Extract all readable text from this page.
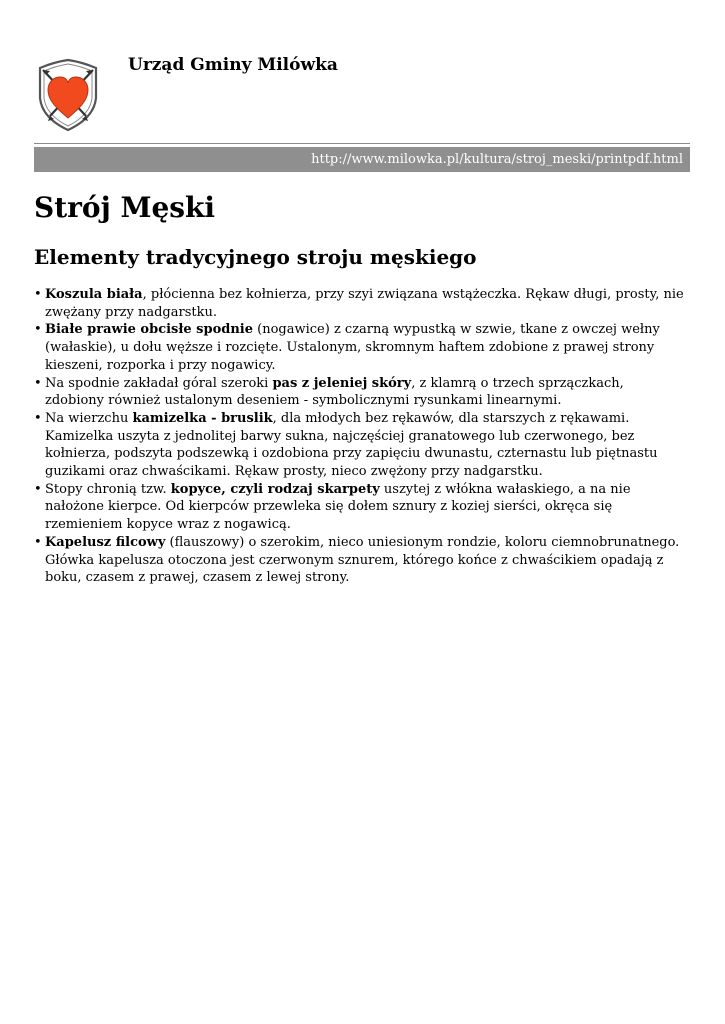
Urząd Gminy Milówka
http://www.milowka.pl/kultura/stroj_meski/printpdf.html
Strój Męski
Elementy tradycyjnego stroju męskiego
• Koszula biała, płócienna bez kołnierza, przy szyi związana wstążeczka. Rękaw długi, prosty, nie zwężany przy nadgarstku.
• Białe prawie obcisłe spodnie (nogawice) z czarną wypustką w szwie, tkane z owczej wełny (wałaskie), u dołu węższe i rozcięte. Ustalonym, skromnym haftem zdobione z prawej strony kieszeni, rozporka i przy nogawicy.
• Na spodnie zakładał góral szeroki pas z jeleniej skóry, z klamrą o trzech sprzączkach, zdobiony również ustalonym deseniem - symbolicznymi rysunkami linearnymi.
• Na wierzchu kamizelka - bruslik, dla młodych bez rękawów, dla starszych z rękawami. Kamizelka uszyta z jednolitej barwy sukna, najczęściej granatowego lub czerwonego, bez kołnierza, podszyta podszewką i ozdobiona przy zapięciu dwunastu, czternastu lub piętnastu guzikami oraz chwaścikami. Rękaw prosty, nieco zwężony przy nadgarstku.
• Stopy chronią tzw. kopyce, czyli rodzaj skarpety uszytej z włókna wałaskiego, a na nie nałożone kierpce. Od kierpców przewleka się dołem sznury z koziej sierści, okręca się rzemieniem kopyce wraz z nogawicą.
• Kapelusz filcowy (flauszowy) o szerokim, nieco uniesionym rondzie, koloru ciemnobrunatnego. Główka kapelusza otoczona jest czerwonym sznurem, którego końce z chwaścikiem opadają z boku, czasem z prawej, czasem z lewej strony.
